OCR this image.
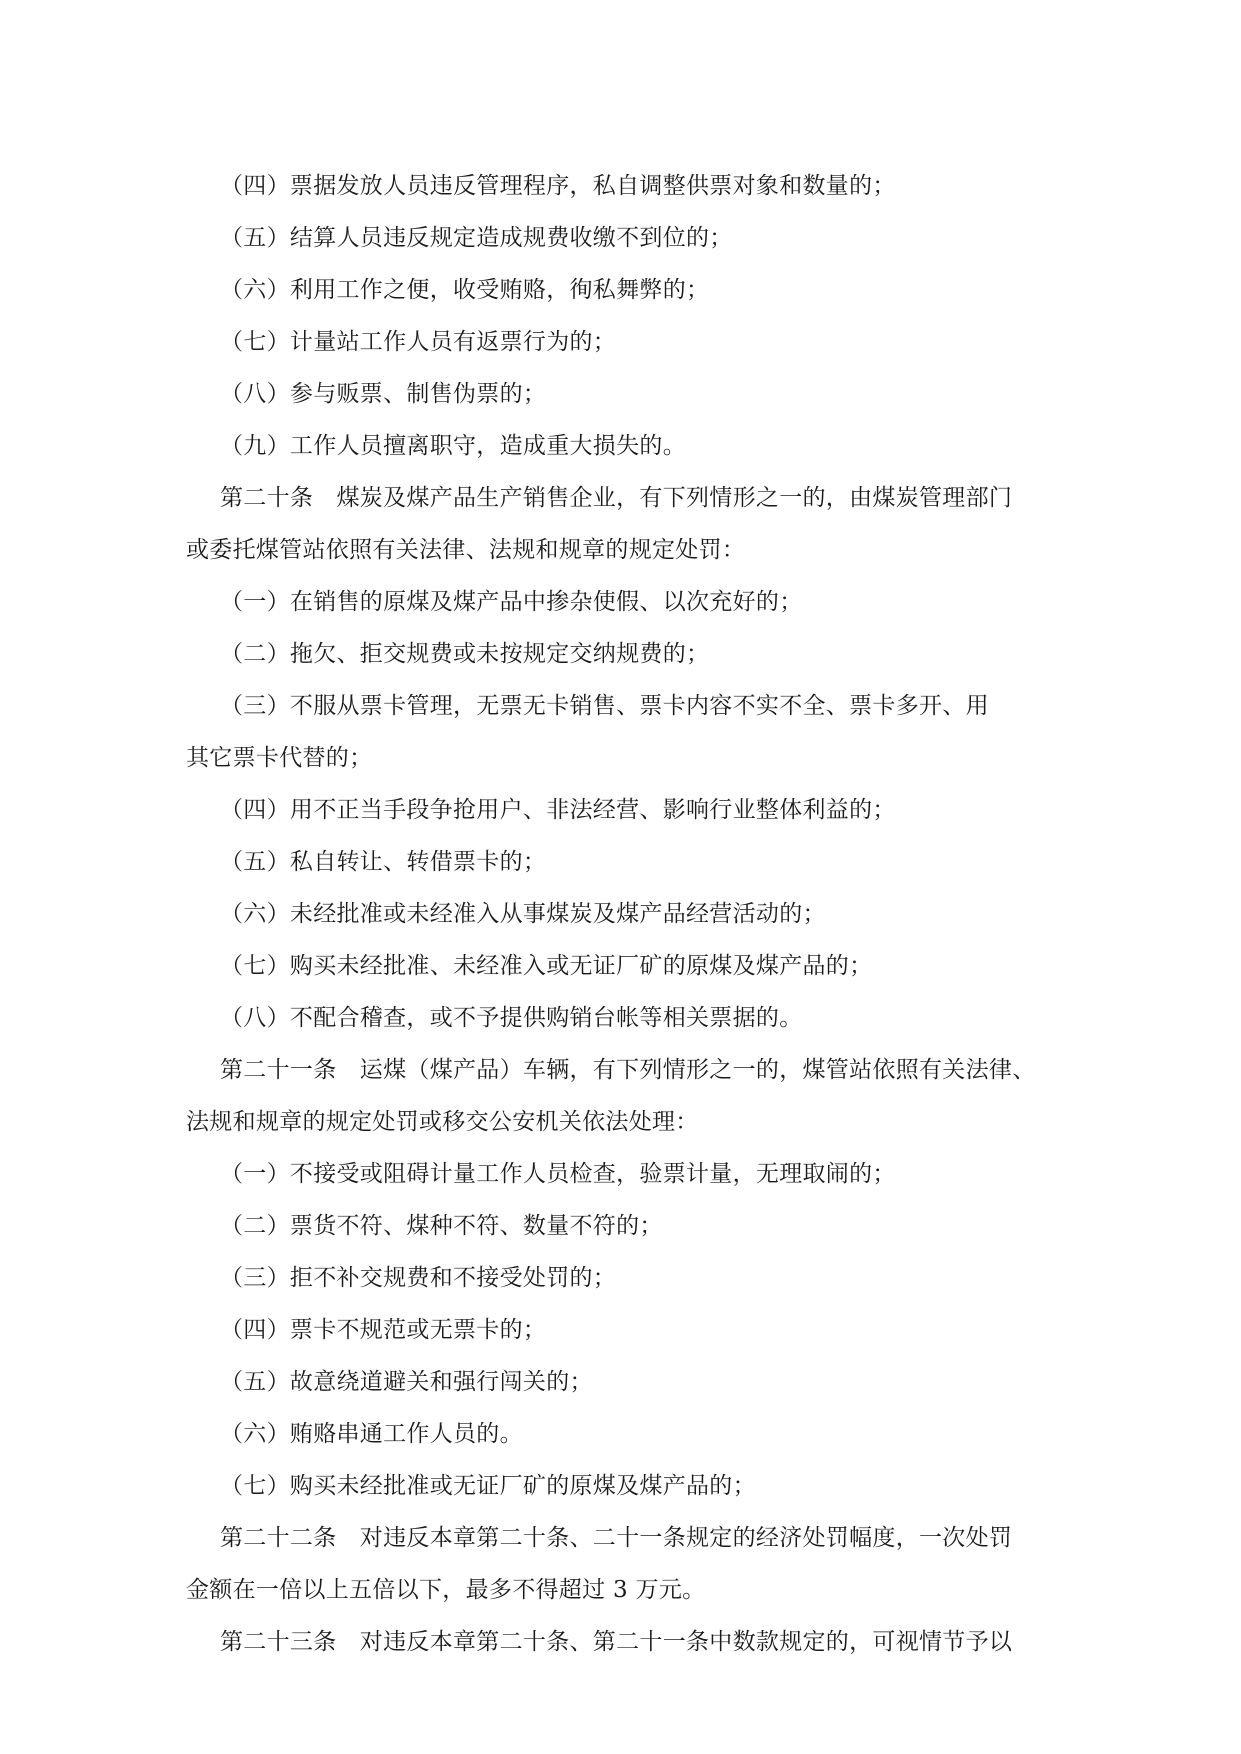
（四）票据发放人员违反管理程序，私自调整供票对象和数量的；
（五）结算人员违反规定造成规费收缴不到位的；
（六）利用工作之便，收受贿赂，徇私舞弊的；
（七）计量站工作人员有返票行为的；
（八）参与贩票、制售伪票的；
（九）工作人员擅离职守，造成重大损失的。
第二十条　煤炭及煤产品生产销售企业，有下列情形之一的，由煤炭管理部门
或委托煤管站依照有关法律、法规和规章的规定处罚：
（一）在销售的原煤及煤产品中掺杂使假、以次充好的；
（二）拖欠、拒交规费或未按规定交纳规费的；
（三）不服从票卡管理，无票无卡销售、票卡内容不实不全、票卡多开、用
其它票卡代替的；
（四）用不正当手段争抢用户、非法经营、影响行业整体利益的；
（五）私自转让、转借票卡的；
（六）未经批准或未经准入从事煤炭及煤产品经营活动的；
（七）购买未经批准、未经准入或无证厂矿的原煤及煤产品的；
（八）不配合稽查，或不予提供购销台帐等相关票据的。
第二十一条　运煤（煤产品）车辆，有下列情形之一的，煤管站依照有关法律、
法规和规章的规定处罚或移交公安机关依法处理：
（一）不接受或阻碍计量工作人员检查，验票计量，无理取闹的；
（二）票货不符、煤种不符、数量不符的；
（三）拒不补交规费和不接受处罚的；
（四）票卡不规范或无票卡的；
（五）故意绕道避关和强行闯关的；
（六）贿赂串通工作人员的。
（七）购买未经批准或无证厂矿的原煤及煤产品的；
第二十二条　对违反本章第二十条、二十一条规定的经济处罚幅度，一次处罚
金额在一倍以上五倍以下，最多不得超过 3 万元。
第二十三条　对违反本章第二十条、第二十一条中数款规定的，可视情节予以
